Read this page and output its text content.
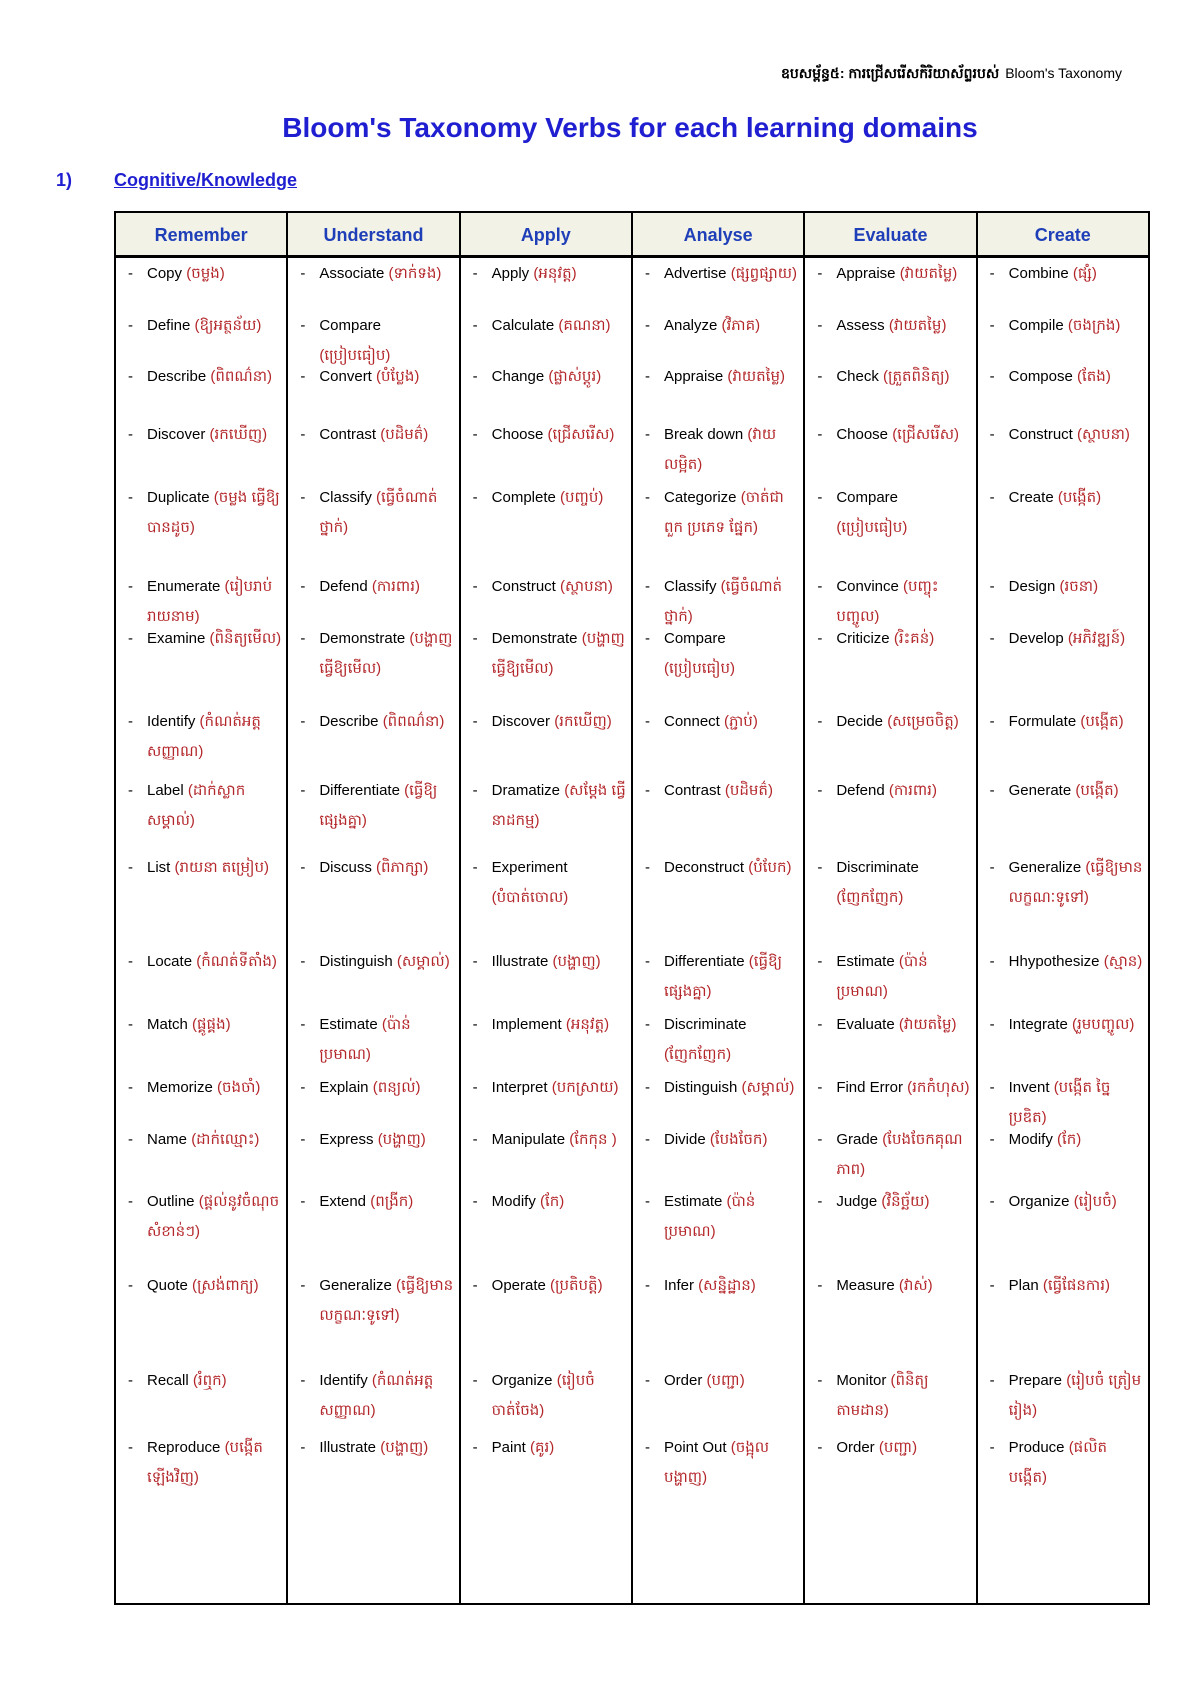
ឧបសម្ព័ន្ធ៥: ការជ្រើសរើសកិរិយាស័ព្ទរបស់ Bloom's Taxonomy
Bloom's Taxonomy Verbs for each learning domains
1) Cognitive/Knowledge
Remember
- Copy (ចម្លង)
- Define (ឱ្យអត្ថន័យ)
- Describe (ពិពណ៌នា)
- Discover (រកឃើញ)
- Duplicate (ចម្លង ធ្វើឱ្យបានដូច)
- Enumerate (រៀបរាប់ រាយនាម)
- Examine (ពិនិត្យមើល)
- Identify (កំណត់អត្តសញ្ញាណ)
- Label (ដាក់ស្លាកសម្គាល់)
- List (រាយនា តម្រៀប)
- Locate (កំណត់ទីតាំង)
- Match (ផ្គូផ្គង)
- Memorize (ចងចាំ)
- Name (ដាក់ឈ្មោះ)
- Outline (ផ្តល់នូវចំណុចសំខាន់ៗ)
- Quote (ស្រង់ពាក្យ)
- Recall (រំឮក)
- Reproduce (បង្កើតឡើងវិញ)
Understand
- Associate (ទាក់ទង)
- Compare (ប្រៀបធៀប)
- Convert (បំប្លែង)
- Contrast (បដិមត៌)
- Classify (ធ្វើចំណាត់ថ្នាក់)
- Defend (ការពារ)
- Demonstrate (បង្ហាញ ធ្វើឱ្យមើល)
- Describe (ពិពណ៌នា)
- Differentiate (ធ្វើឱ្យផ្សេងគ្នា)
- Discuss (ពិភាក្សា)
- Distinguish (សម្គាល់)
- Estimate (ប៉ាន់ប្រមាណ)
- Explain (ពន្យល់)
- Express (បង្ហាញ)
- Extend (ពង្រីក)
- Generalize (ធ្វើឱ្យមានលក្ខណៈទូទៅ)
- Identify (កំណត់អត្តសញ្ញាណ)
- Illustrate (បង្ហាញ)
Apply
- Apply (អនុវត្ត)
- Calculate (គណនា)
- Change (ផ្លាស់ប្តូរ)
- Choose (ជ្រើសរើស)
- Complete (បញ្ចប់)
- Construct (ស្ថាបនា)
- Demonstrate (បង្ហាញ ធ្វើឱ្យមើល)
- Discover (រកឃើញ)
- Dramatize (សម្តែង ធ្វើនាដកម្ម)
- Experiment (បំបាត់ចោល)
- Illustrate (បង្ហាញ)
- Implement (អនុវត្ត)
- Interpret (បកស្រាយ)
- Manipulate (កែកុន )
- Modify (កែ)
- Operate (ប្រតិបត្តិ)
- Organize (រៀបចំ ចាត់ចែង)
- Paint (គូរ)
Analyse
- Advertise (ផ្សព្វផ្សាយ)
- Analyze (វិភាគ)
- Appraise (វាយតម្លៃ)
- Break down (វាយលម្អិត)
- Categorize (ចាត់ជាពួក ប្រភេទ ផ្នែក)
- Classify (ធ្វើចំណាត់ថ្នាក់)
- Compare (ប្រៀបធៀប)
- Connect (ភ្ជាប់)
- Contrast (បដិមត៌)
- Deconstruct (បំបែក)
- Differentiate (ធ្វើឱ្យផ្សេងគ្នា)
- Discriminate (ញែកញែក)
- Distinguish (សម្គាល់)
- Divide (បែងចែក)
- Estimate (ប៉ាន់ប្រមាណ)
- Infer (សន្និដ្ឋាន)
- Order (បញ្ជា)
- Point Out (ចង្អុលបង្ហាញ)
Evaluate
- Appraise (វាយតម្លៃ)
- Assess (វាយតម្លៃ)
- Check (ត្រួតពិនិត្យ)
- Choose (ជ្រើសរើស)
- Compare (ប្រៀបធៀប)
- Convince (បញ្ចុះបញ្ចូល)
- Criticize (រិះគន់)
- Decide (សម្រេចចិត្ត)
- Defend (ការពារ)
- Discriminate (ញែកញែក)
- Estimate (ប៉ាន់ប្រមាណ)
- Evaluate (វាយតម្លៃ)
- Find Error (រកកំហុស)
- Grade (បែងចែកគុណភាព)
- Judge (វិនិច្ឆ័យ)
- Measure (វាស់)
- Monitor (ពិនិត្យតាមដាន)
- Order (បញ្ជា)
Create
- Combine (ផ្សំ)
- Compile (ចងក្រង)
- Compose (តែង)
- Construct (ស្ថាបនា)
- Create (បង្កើត)
- Design (រចនា)
- Develop (អភិវឌ្ឍន៍)
- Formulate (បង្កើត)
- Generate (បង្កើត)
- Generalize (ធ្វើឱ្យមានលក្ខណៈទូទៅ)
- Hhypothesize (ស្មាន)
- Integrate (រួមបញ្ចូល)
- Invent (បង្កើត ច្នៃប្រឌិត)
- Modify (កែ)
- Organize (រៀបចំ)
- Plan (ធ្វើផែនការ)
- Prepare (រៀបចំ ត្រៀម រៀង)
- Produce (ផលិត បង្កើត)
